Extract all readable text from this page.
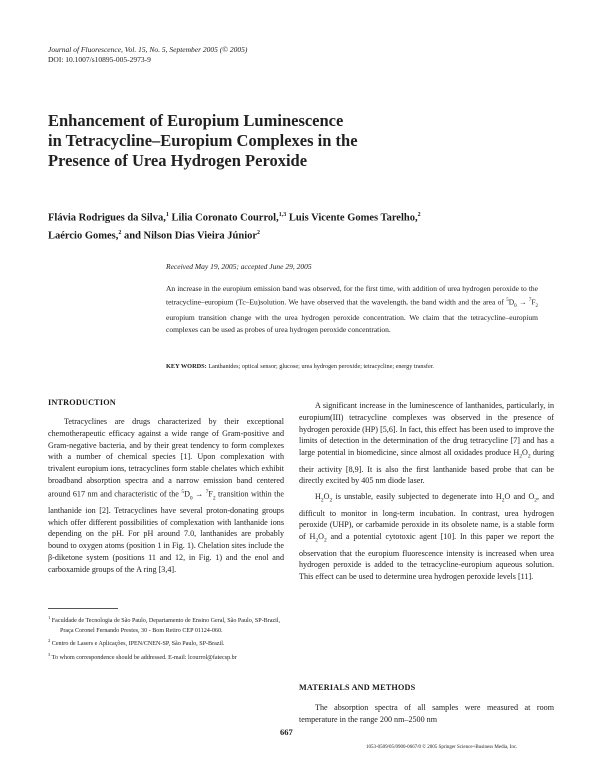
Journal of Fluorescence, Vol. 15, No. 5, September 2005 (© 2005)
DOI: 10.1007/s10895-005-2973-9
Enhancement of Europium Luminescence
in Tetracycline–Europium Complexes in the
Presence of Urea Hydrogen Peroxide
Flávia Rodrigues da Silva,$^1$ Lilia Coronato Courrol,$^{1,3}$ Luis Vicente Gomes Tarelho,$^2$
Laércio Gomes,$^2$ and Nilson Dias Vieira Júnior$^2$
Received May 19, 2005; accepted June 29, 2005
An increase in the europium emission band was observed, for the first time, with addition of urea hydrogen peroxide to the tetracycline–europium (Tc–Eu)solution. We have observed that the wavelength, the band width and the area of $^5D_0 \to ^7F_2$ europium transition change with the urea hydrogen peroxide concentration. We claim that the tetracycline–europium complexes can be used as probes of urea hydrogen peroxide concentration.
KEY WORDS: Lanthanides; optical sensor; glucose; urea hydrogen peroxide; tetracycline; energy transfer.
INTRODUCTION

Tetracyclines are drugs characterized by their exceptional chemotherapeutic efficacy against a wide range of Gram-positive and Gram-negative bacteria, and by their great tendency to form complexes with a number of chemical species [1]. Upon complexation with trivalent europium ions, tetracyclines form stable chelates which exhibit broadband absorption spectra and a narrow emission band centered around 617 nm and characteristic of the $^5D_0 \to ^7F_2$ transition within the lanthanide ion [2]. Tetracyclines have several proton-donating groups which offer different possibilities of complexation with lanthanide ions depending on the pH. For pH around 7.0, lanthanides are probably bound to oxygen atoms (position 1 in Fig. 1). Chelation sites include the β-diketone system (positions 11 and 12, in Fig. 1) and the enol and carboxamide groups of the A ring [3,4].

$^1$ Faculdade de Tecnologia de São Paulo, Departamento de Ensino Geral, São Paulo, SP-Brazil, Praça Coronel Fernando Prestes, 30 - Bom Retiro CEP 01124-060.
$^2$ Centro de Lasers e Aplicações, IPEN/CNEN-SP, São Paulo, SP-Brazil.
$^3$ To whom correspondence should be addressed. E-mail: lcourrol@fatecsp.br

A significant increase in the luminescence of lanthanides, particularly, in europium(III) tetracycline complexes was observed in the presence of hydrogen peroxide (HP) [5,6]. In fact, this effect has been used to improve the limits of detection in the determination of the drug tetracycline [7] and has a large potential in biomedicine, since almost all oxidades produce $H_2O_2$ during their activity [8,9]. It is also the first lanthanide based probe that can be directly excited by 405 nm diode laser.

$H_2O_2$ is unstable, easily subjected to degenerate into $H_2O$ and $O_2$, and difficult to monitor in long-term incubation. In contrast, urea hydrogen peroxide (UHP), or carbamide peroxide in its obsolete name, is a stable form of $H_2O_2$ and a potential cytotoxic agent [10]. In this paper we report the observation that the europium fluorescence intensity is increased when urea hydrogen peroxide is added to the tetracycline-europium aqueous solution. This effect can be used to determine urea hydrogen peroxide levels [11].

MATERIALS AND METHODS

The absorption spectra of all samples were measured at room temperature in the range 200 nm–2500 nm

667
1053-0509/05/0900-0667/0 © 2005 Springer Science+Business Media, Inc.
